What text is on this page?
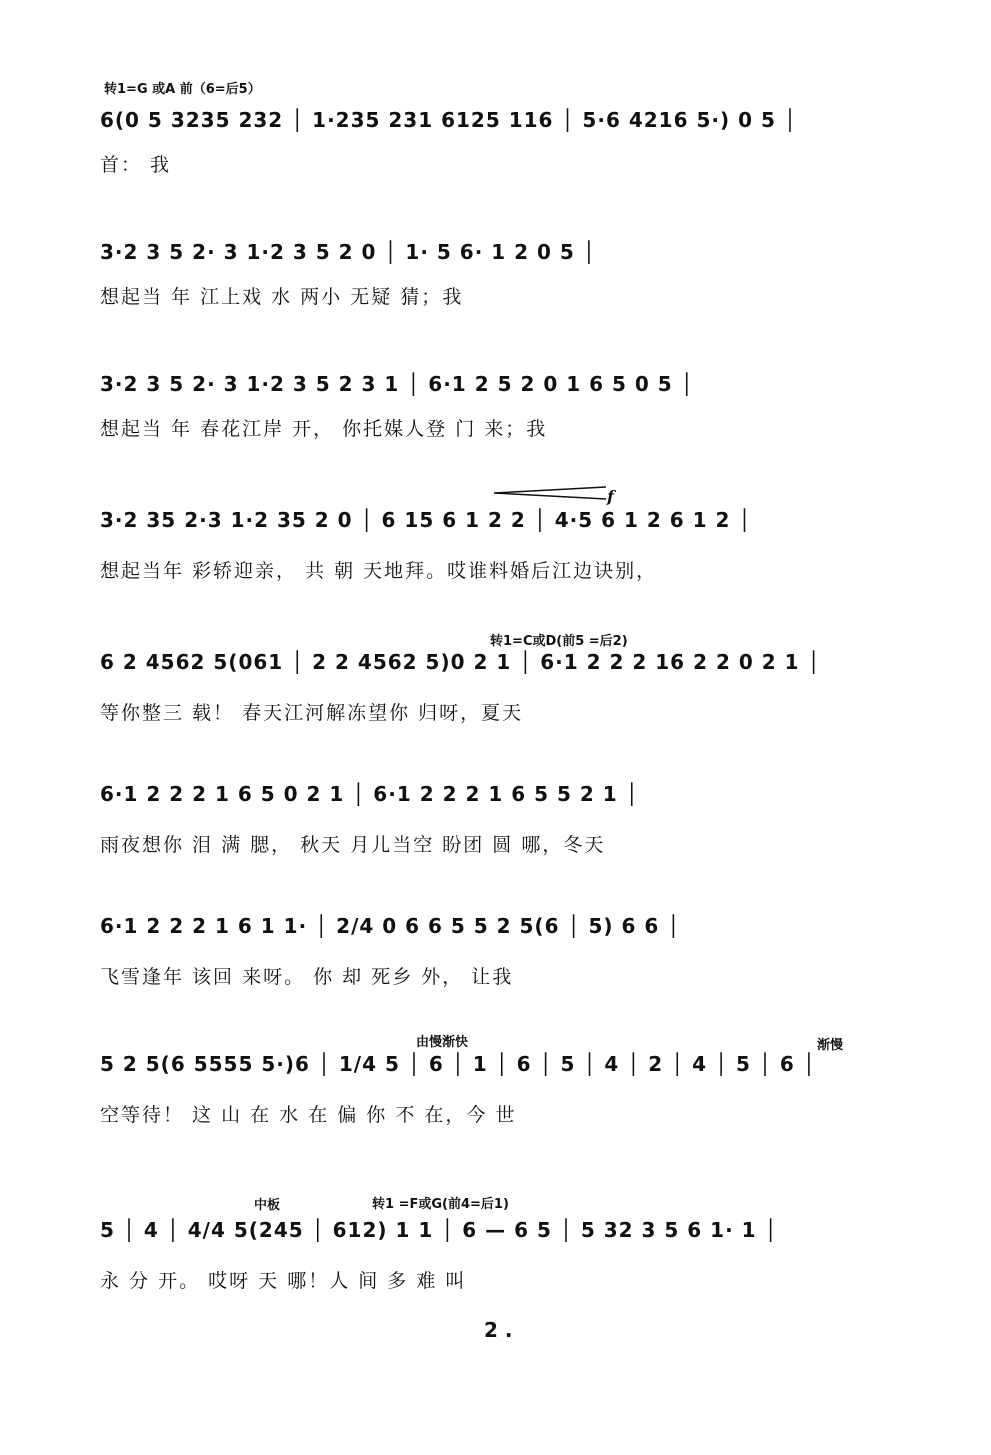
转1=G 或A 前（6=后5）
6(0 5 3235 232 │ 1·235 231 6125 116 │ 5·6 4216 5·) 0 5 │
首： 我
3·2 3 5 2· 3 1·2 3 5 2 0 │ 1· 5 6· 1 2 0 5 │
想起当 年 江上戏 水 两小 无疑 猜；我
3·2 3 5 2· 3 1·2 3 5 2 3 1 │ 6·1 2 5 2 0 1 6 5 0 5 │
想起当 年 春花江岸 开， 你托媒人登 门 来；我
f
3·2 35 2·3 1·2 35 2 0 │ 6 15 6 1 2 2 │ 4·5 6 1 2 6 1 2 │
想起当年 彩轿迎亲， 共 朝 天地拜。哎谁料婚后江边诀别，
转1=C或D(前5 =后2)
6 2 4562 5(061 │ 2 2 4562 5)0 2 1 │ 6·1 2 2 2 16 2 2 0 2 1 │
等你整三 载！ 春天江河解冻望你 归呀，夏天
6·1 2 2 2 1 6 5 0 2 1 │ 6·1 2 2 2 1 6 5 5 2 1 │
雨夜想你 泪 满 腮， 秋天 月儿当空 盼团 圆 哪，冬天
6·1 2 2 2 1 6 1 1· │ 2/4 0 6 6 5 5 2 5(6 │ 5) 6 6 │
飞雪逢年 该回 来呀。 你 却 死乡 外， 让我
由慢渐快	渐慢
5 2 5(6 5555 5·)6 │ 1/4 5 │ 6 │ 1 │ 6 │ 5 │ 4 │ 2 │ 4 │ 5 │ 6 │
空等待！ 这 山 在 水 在 偏 你 不 在，今 世
中板	转1 =F或G(前4=后1)
5 │ 4 │ 4/4 5(245 │ 612) 1 1 │ 6 — 6 5 │ 5 32 3 5 6 1· 1 │
永 分 开。 哎呀 天 哪！人 间 多 难 叫
2 .
